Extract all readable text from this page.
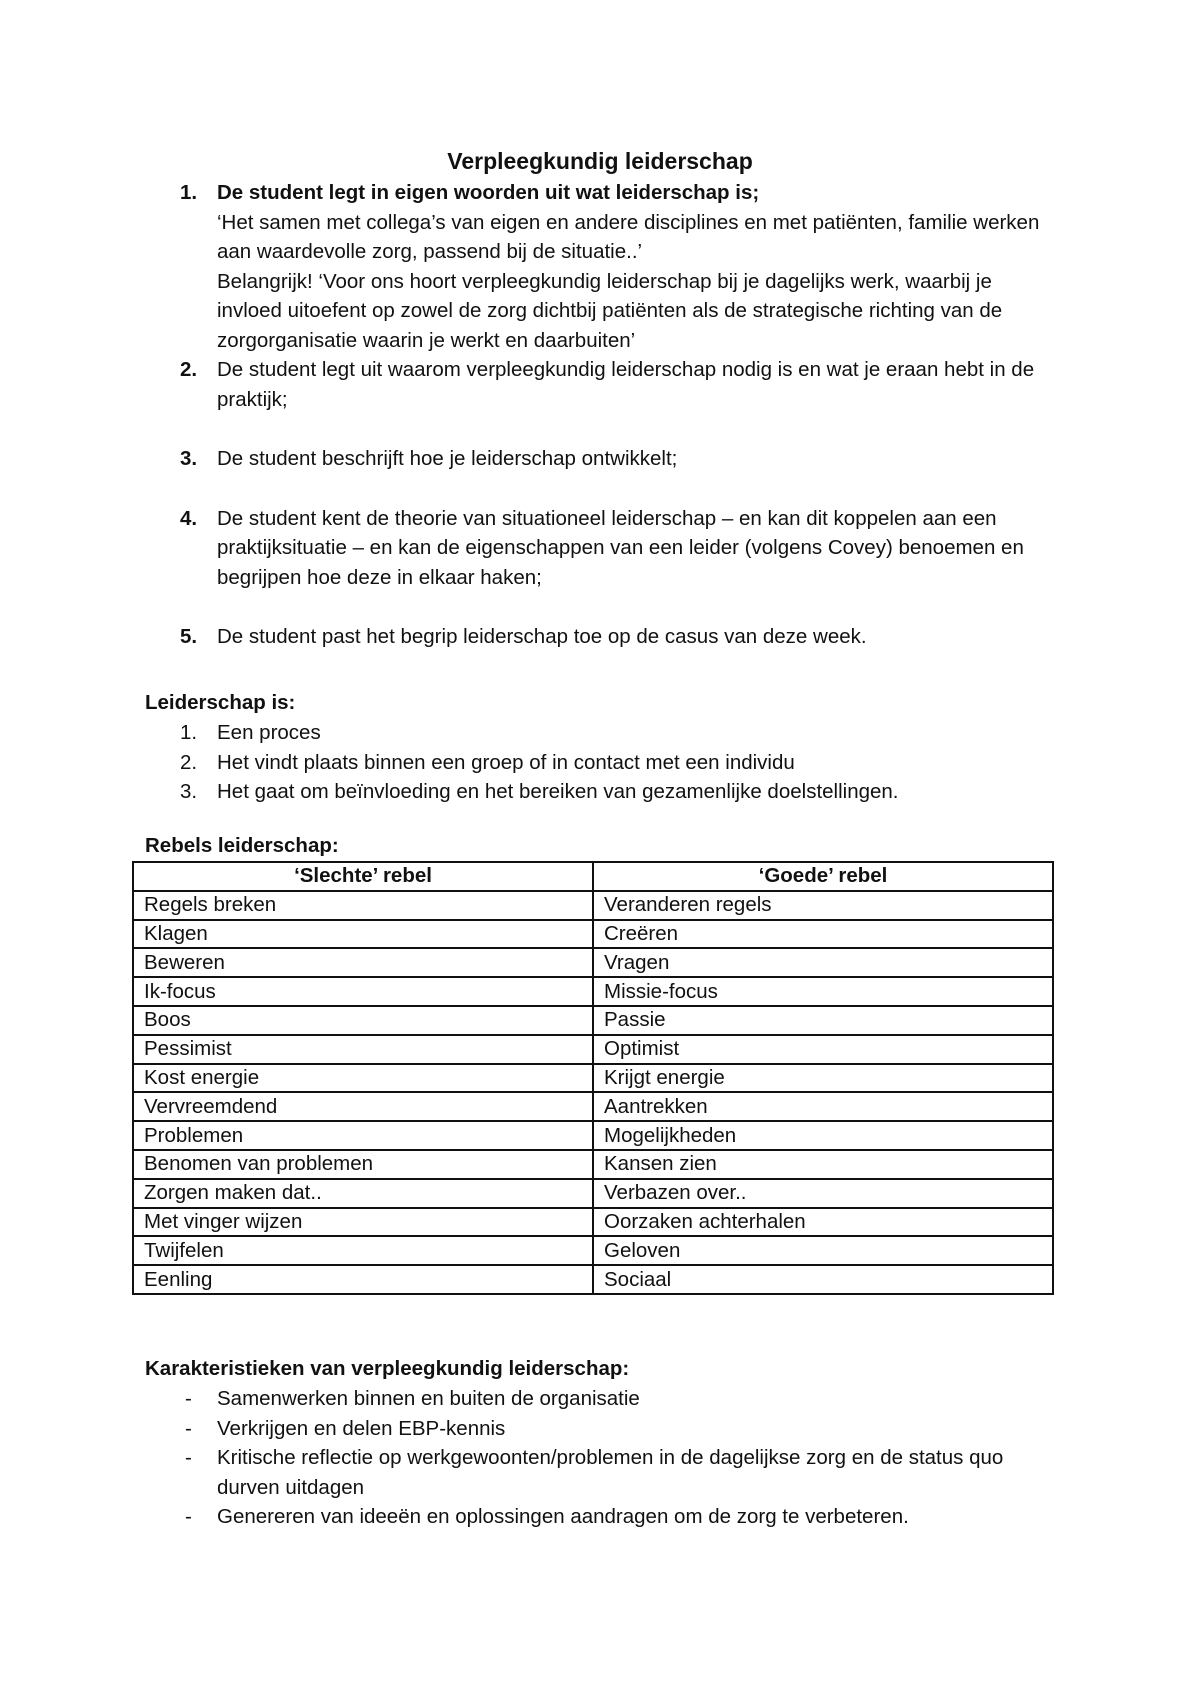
Verpleegkundig leiderschap
1. De student legt in eigen woorden uit wat leiderschap is;
‘Het samen met collega’s van eigen en andere disciplines en met patiënten, familie werken aan waardevolle zorg, passend bij de situatie..’
Belangrijk! ‘Voor ons hoort verpleegkundig leiderschap bij je dagelijks werk, waarbij je invloed uitoefent op zowel de zorg dichtbij patiënten als de strategische richting van de zorgorganisatie waarin je werkt en daarbuiten’
2. De student legt uit waarom verpleegkundig leiderschap nodig is en wat je eraan hebt in de praktijk;
3. De student beschrijft hoe je leiderschap ontwikkelt;
4. De student kent de theorie van situationeel leiderschap – en kan dit koppelen aan een praktijksituatie – en kan de eigenschappen van een leider (volgens Covey) benoemen en begrijpen hoe deze in elkaar haken;
5. De student past het begrip leiderschap toe op de casus van deze week.
Leiderschap is:
1. Een proces
2. Het vindt plaats binnen een groep of in contact met een individu
3. Het gaat om beïnvloeding en het bereiken van gezamenlijke doelstellingen.
Rebels leiderschap:
‘Slechte’ rebel	‘Goede’ rebel
Regels breken	Veranderen regels
Klagen	Creëren
Beweren	Vragen
Ik-focus	Missie-focus
Boos	Passie
Pessimist	Optimist
Kost energie	Krijgt energie
Vervreemdend	Aantrekken
Problemen	Mogelijkheden
Benomen van problemen	Kansen zien
Zorgen maken dat..	Verbazen over..
Met vinger wijzen	Oorzaken achterhalen
Twijfelen	Geloven
Eenling	Sociaal
Karakteristieken van verpleegkundig leiderschap:
- Samenwerken binnen en buiten de organisatie
- Verkrijgen en delen EBP-kennis
- Kritische reflectie op werkgewoonten/problemen in de dagelijkse zorg en de status quo durven uitdagen
- Genereren van ideeën en oplossingen aandragen om de zorg te verbeteren.
